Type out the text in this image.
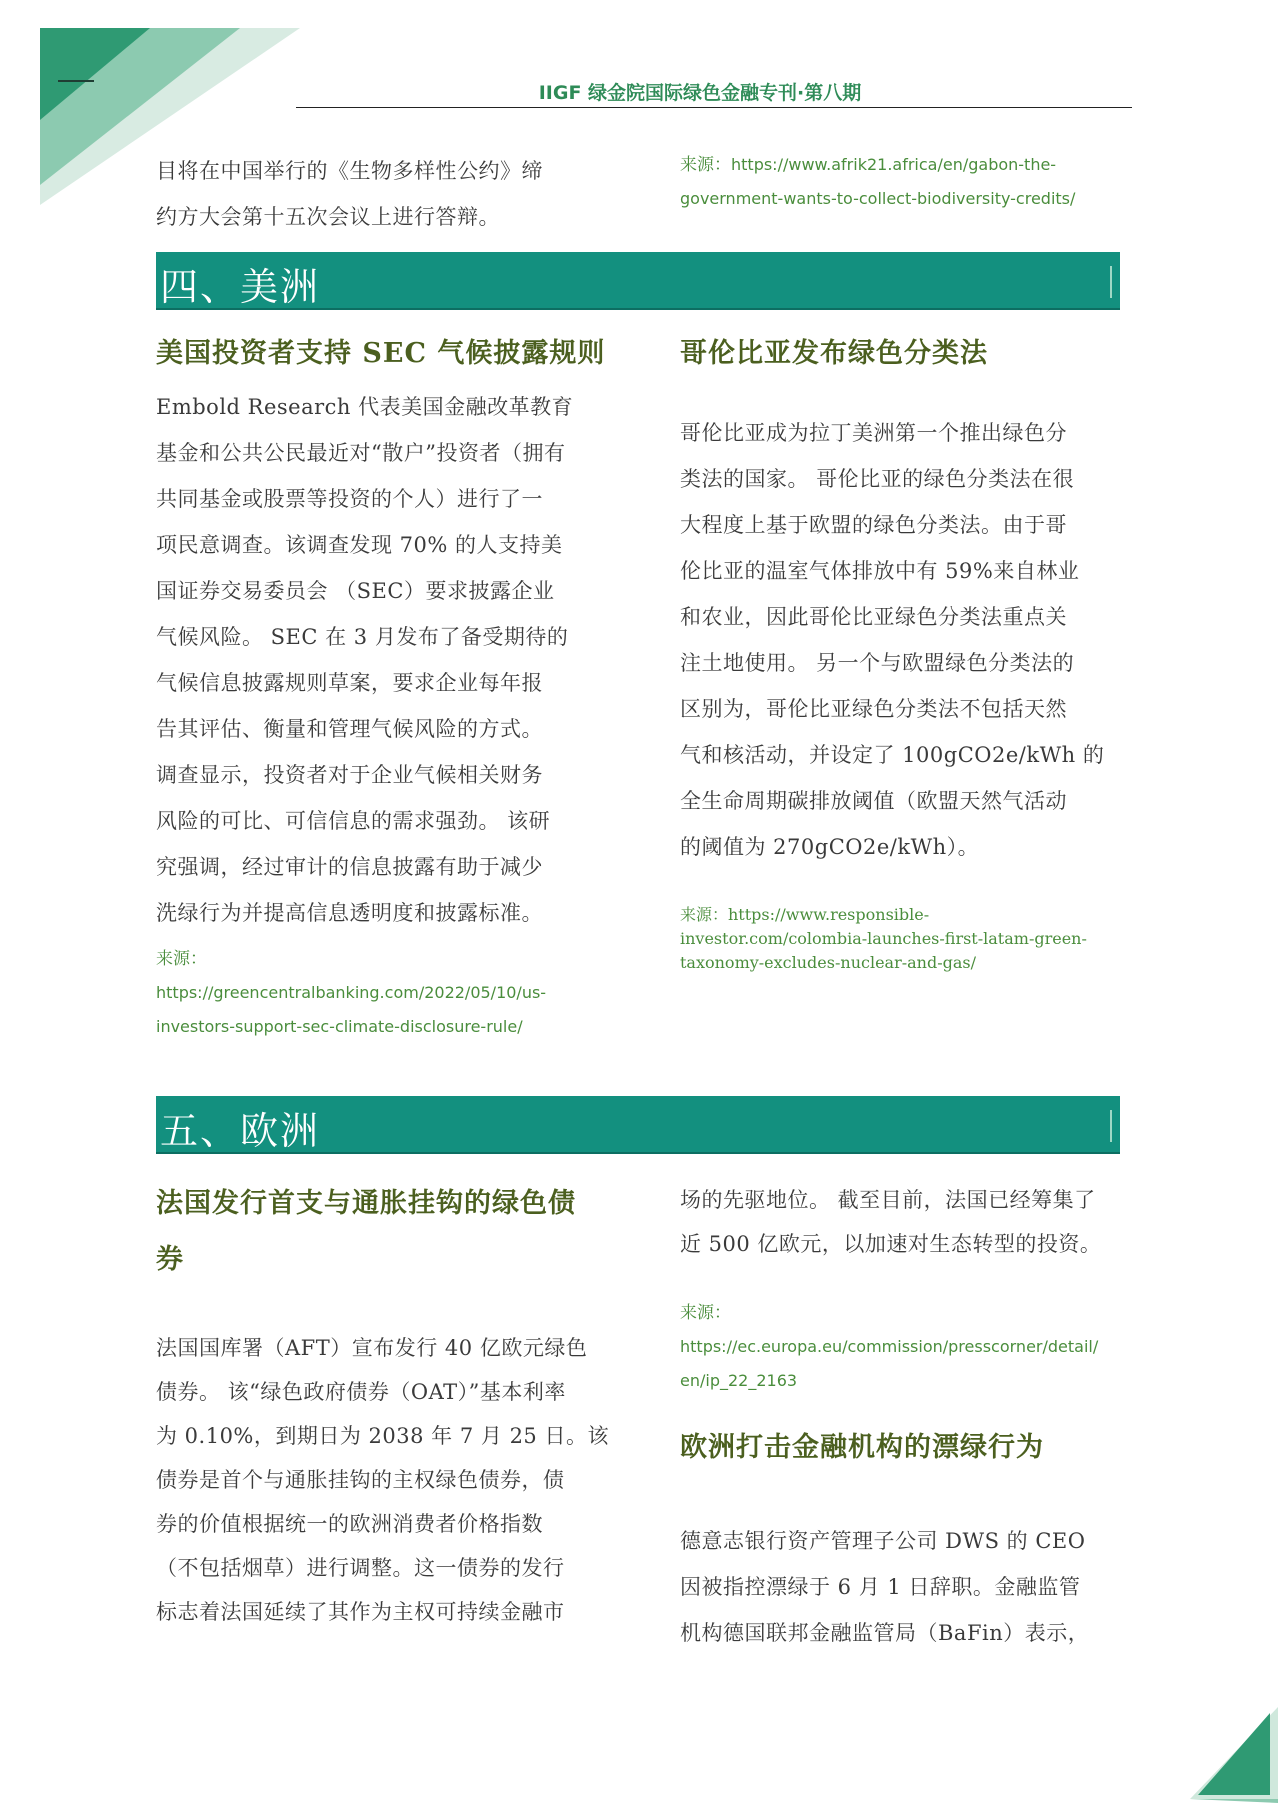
IIGF 绿金院国际绿色金融专刊·第八期
目将在中国举行的《生物多样性公约》缔
约方大会第十五次会议上进行答辩。
来源：https://www.afrik21.africa/en/gabon-the-
government-wants-to-collect-biodiversity-credits/
四、美洲
美国投资者支持 SEC 气候披露规则
Embold Research 代表美国金融改革教育
基金和公共公民最近对“散户”投资者（拥有
共同基金或股票等投资的个人）进行了一
项民意调查。该调查发现 70% 的人支持美
国证券交易委员会 （SEC）要求披露企业
气候风险。 SEC 在 3 月发布了备受期待的
气候信息披露规则草案，要求企业每年报
告其评估、衡量和管理气候风险的方式。
调查显示，投资者对于企业气候相关财务
风险的可比、可信信息的需求强劲。 该研
究强调，经过审计的信息披露有助于减少
洗绿行为并提高信息透明度和披露标准。
来源：
https://greencentralbanking.com/2022/05/10/us-
investors-support-sec-climate-disclosure-rule/
哥伦比亚发布绿色分类法
哥伦比亚成为拉丁美洲第一个推出绿色分
类法的国家。 哥伦比亚的绿色分类法在很
大程度上基于欧盟的绿色分类法。由于哥
伦比亚的温室气体排放中有 59%来自林业
和农业，因此哥伦比亚绿色分类法重点关
注土地使用。 另一个与欧盟绿色分类法的
区别为，哥伦比亚绿色分类法不包括天然
气和核活动，并设定了 100gCO2e/kWh 的
全生命周期碳排放阈值（欧盟天然气活动
的阈值为 270gCO2e/kWh）。
来源：https://www.responsible-
investor.com/colombia-launches-first-latam-green-
taxonomy-excludes-nuclear-and-gas/
五、欧洲
法国发行首支与通胀挂钩的绿色债
券
法国国库署（AFT）宣布发行 40 亿欧元绿色
债券。 该“绿色政府债券（OAT）”基本利率
为 0.10%，到期日为 2038 年 7 月 25 日。该
债券是首个与通胀挂钩的主权绿色债券，债
券的价值根据统一的欧洲消费者价格指数
（不包括烟草）进行调整。这一债券的发行
标志着法国延续了其作为主权可持续金融市
场的先驱地位。 截至目前，法国已经筹集了
近 500 亿欧元，以加速对生态转型的投资。
来源：
https://ec.europa.eu/commission/presscorner/detail/
en/ip_22_2163
欧洲打击金融机构的漂绿行为
德意志银行资产管理子公司 DWS 的 CEO
因被指控漂绿于 6 月 1 日辞职。金融监管
机构德国联邦金融监管局（BaFin）表示，
